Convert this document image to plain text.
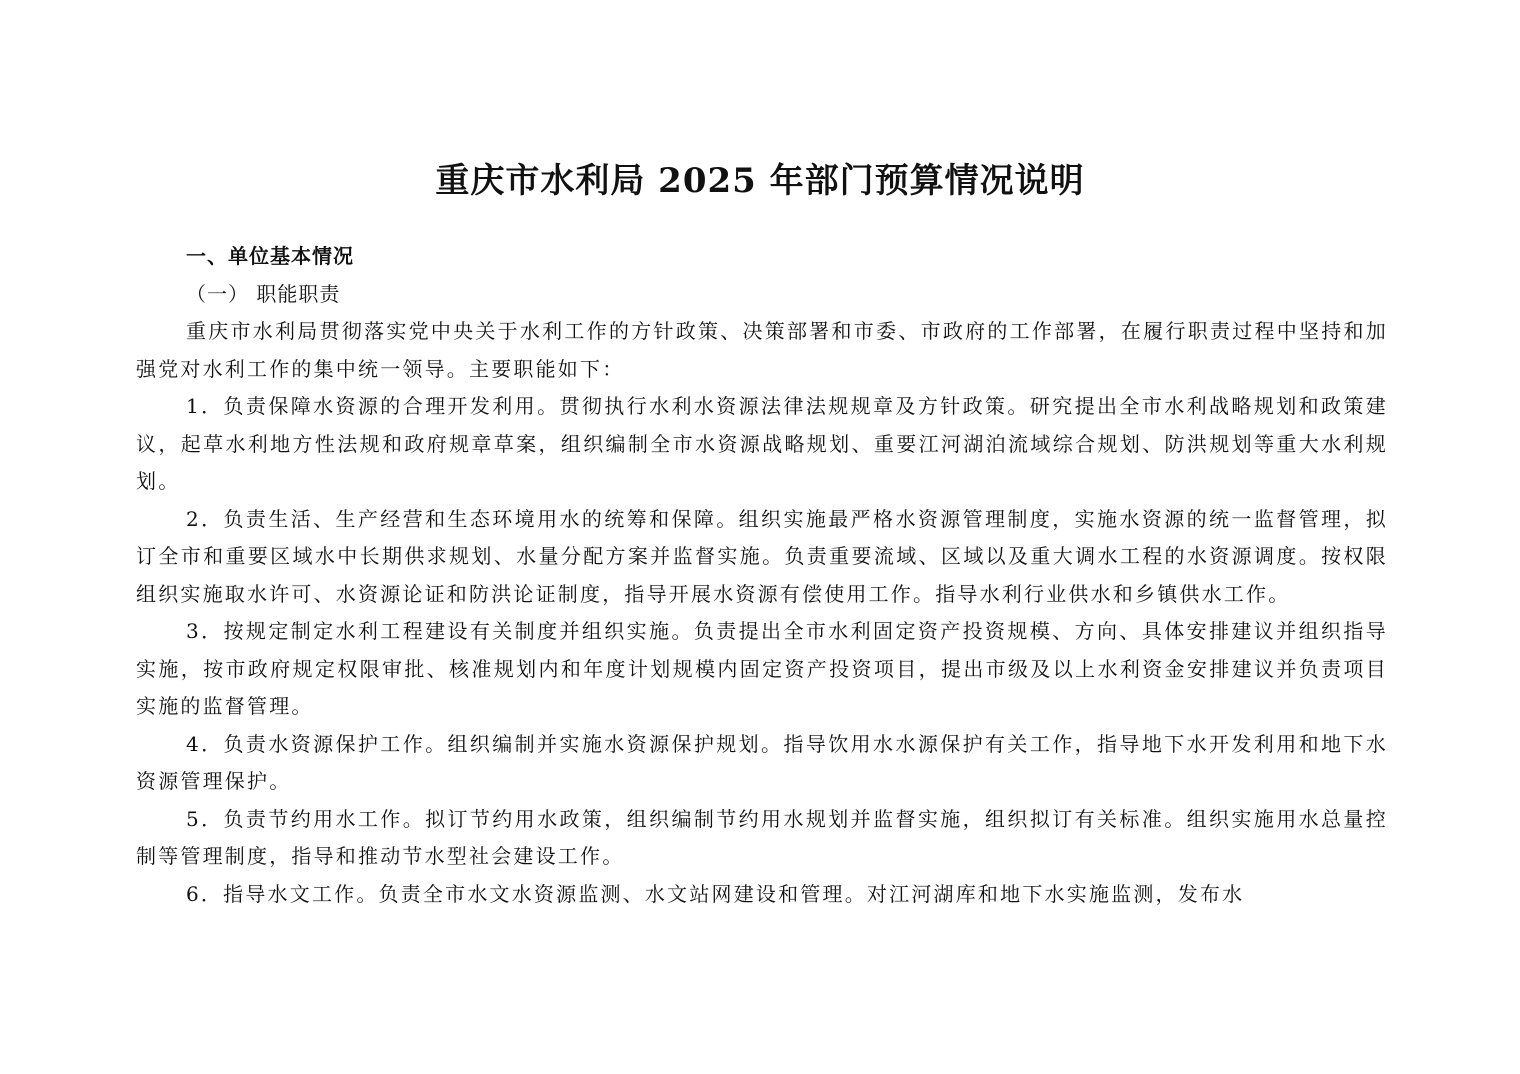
重庆市水利局 2025 年部门预算情况说明

一、单位基本情况

（一） 职能职责

重庆市水利局贯彻落实党中央关于水利工作的方针政策、决策部署和市委、市政府的工作部署，在履行职责过程中坚持和加强党对水利工作的集中统一领导。主要职能如下：

1．负责保障水资源的合理开发利用。贯彻执行水利水资源法律法规规章及方针政策。研究提出全市水利战略规划和政策建议，起草水利地方性法规和政府规章草案，组织编制全市水资源战略规划、重要江河湖泊流域综合规划、防洪规划等重大水利规划。

2．负责生活、生产经营和生态环境用水的统筹和保障。组织实施最严格水资源管理制度，实施水资源的统一监督管理，拟订全市和重要区域水中长期供求规划、水量分配方案并监督实施。负责重要流域、区域以及重大调水工程的水资源调度。按权限组织实施取水许可、水资源论证和防洪论证制度，指导开展水资源有偿使用工作。指导水利行业供水和乡镇供水工作。

3．按规定制定水利工程建设有关制度并组织实施。负责提出全市水利固定资产投资规模、方向、具体安排建议并组织指导实施，按市政府规定权限审批、核准规划内和年度计划规模内固定资产投资项目，提出市级及以上水利资金安排建议并负责项目实施的监督管理。

4．负责水资源保护工作。组织编制并实施水资源保护规划。指导饮用水水源保护有关工作，指导地下水开发利用和地下水资源管理保护。

5．负责节约用水工作。拟订节约用水政策，组织编制节约用水规划并监督实施，组织拟订有关标准。组织实施用水总量控制等管理制度，指导和推动节水型社会建设工作。

6．指导水文工作。负责全市水文水资源监测、水文站网建设和管理。对江河湖库和地下水实施监测，发布水
